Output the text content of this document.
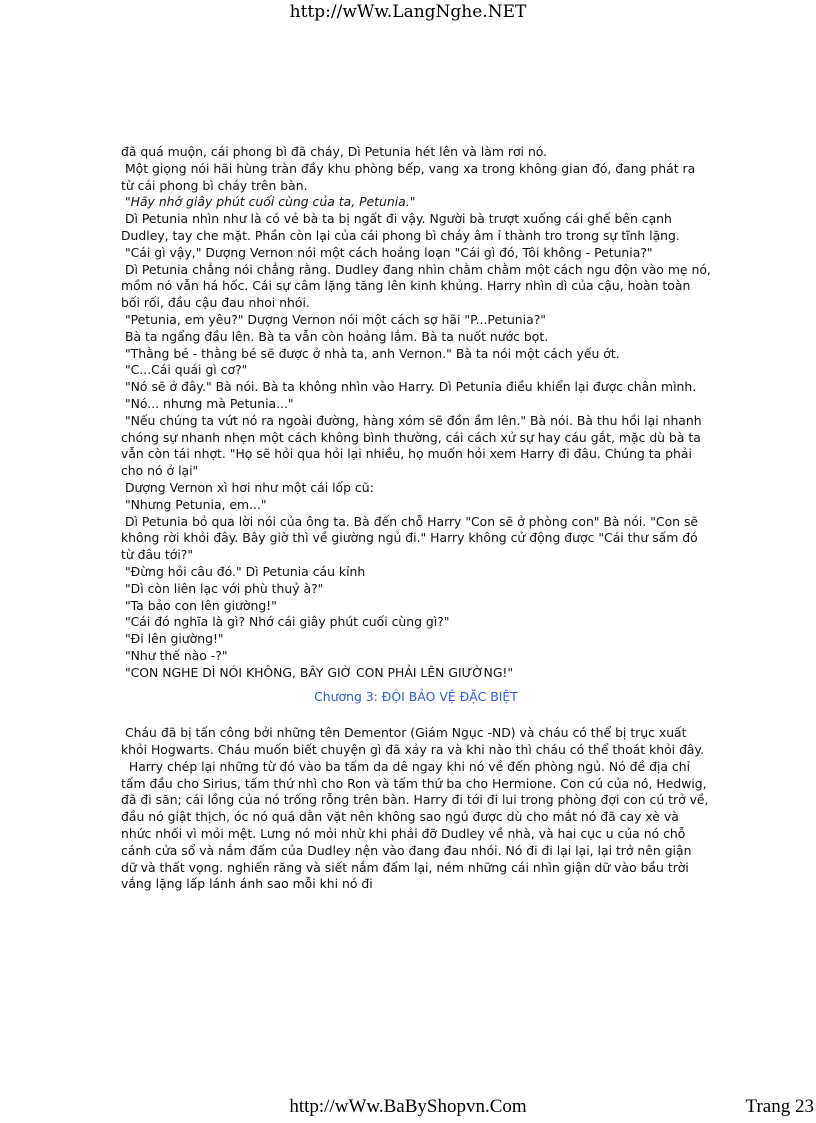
http://wWw.LangNghe.NET

đã quá muộn, cái phong bì đã cháy, Dì Petunia hét lên và làm rơi nó.

Một giọng nói hãi hùng tràn đầy khu phòng bếp, vang xa trong không gian đó, đang phát ra từ cái phong bì cháy trên bàn.

"Hãy nhớ giây phút cuối cùng của ta, Petunia."

Dì Petunia nhìn như là có vẻ bà ta bị ngất đi vậy. Người bà trượt xuống cái ghế bên cạnh Dudley, tay che mặt. Phần còn lại của cái phong bì cháy âm ỉ thành tro trong sự tĩnh lặng.

"Cái gì vậy," Dượng Vernon nói một cách hoảng loạn "Cái gì đó, Tôi không - Petunia?"

Dì Petunia chẳng nói chẳng rằng. Dudley đang nhìn chằm chằm một cách ngu độn vào mẹ nó, mồm nó vẫn há hốc. Cái sự câm lặng tăng lên kinh khủng. Harry nhìn dì của cậu, hoàn toàn bối rối, đầu cậu đau nhoi nhói.

"Petunia, em yêu?" Dượng Vernon nói một cách sợ hãi "P...Petunia?"

Bà ta ngẩng đầu lên. Bà ta vẫn còn hoảng lắm. Bà ta nuốt nước bọt.

"Thằng bé - thằng bé sẽ được ở nhà ta, anh Vernon." Bà ta nói một cách yếu ớt.

"C...Cái quái gì cơ?"

"Nó sẽ ở đây." Bà nói. Bà ta không nhìn vào Harry. Dì Petunia điều khiển lại được chân mình.

"Nó... nhưng mà Petunia..."

"Nếu chúng ta vứt nó ra ngoài đường, hàng xóm sẽ đồn ầm lên." Bà nói. Bà thu hồi lại nhanh chóng sự nhanh nhẹn một cách không bình thường, cái cách xử sự hay cáu gắt, mặc dù bà ta vẫn còn tái nhợt. "Họ sẽ hỏi qua hỏi lại nhiều, họ muốn hỏi xem Harry đi đâu. Chúng ta phải cho nó ở lại"

Dượng Vernon xì hơi như một cái lốp cũ:

"Nhưng Petunia, em..."

Dì Petunia bỏ qua lời nói của ông ta. Bà đến chỗ Harry "Con sẽ ở phòng con" Bà nói. "Con sẽ không rời khỏi đây. Bây giờ thì về giường ngủ đi." Harry không cử động được "Cái thư sấm đó từ đâu tới?"

"Đừng hỏi câu đó." Dì Petunia cáu kỉnh

"Dì còn liên lạc với phù thuỷ à?"

"Ta bảo con lên giường!"

"Cái đó nghĩa là gì? Nhớ cái giây phút cuối cùng gì?"

"Đi lên giường!"

"Như thế nào -?"

"CON NGHE DÌ NÓI KHÔNG, BÂY GIỜ CON PHẢI LÊN GIƯỜNG!"

Chương 3: ĐỘI BẢO VỆ ĐẶC BIỆT

Cháu đã bị tấn công bởi những tên Dementor (Giám Ngục -ND) và cháu có thể bị trục xuất khỏi Hogwarts. Cháu muốn biết chuyện gì đã xảy ra và khi nào thì cháu có thể thoát khỏi đây.

Harry chép lại những từ đó vào ba tấm da dê ngay khi nó về đến phòng ngủ. Nó đề địa chỉ tấm đầu cho Sirius, tấm thứ nhì cho Ron và tấm thứ ba cho Hermione. Con cú của nó, Hedwig, đã đi săn; cái lồng của nó trống rỗng trên bàn. Harry đi tới đi lui trong phòng đợi con cú trở về, đầu nó giật thịch, óc nó quá dằn vặt nên không sao ngủ được dù cho mắt nó đã cay xè và nhức nhối vì mỏi mệt. Lưng nó mỏi nhừ khi phải đỡ Dudley về nhà, và hai cục u của nó chỗ cánh cửa sổ và nắm đấm của Dudley nện vào đang đau nhói. Nó đi đi lại lại, lại trở nên giận dữ và thất vọng. nghiến răng và siết nắm đấm lại, ném những cái nhìn giận dữ vào bầu trời vắng lặng lấp lánh ánh sao mỗi khi nó đi

http://wWw.BaByShopvn.Com	Trang 23
